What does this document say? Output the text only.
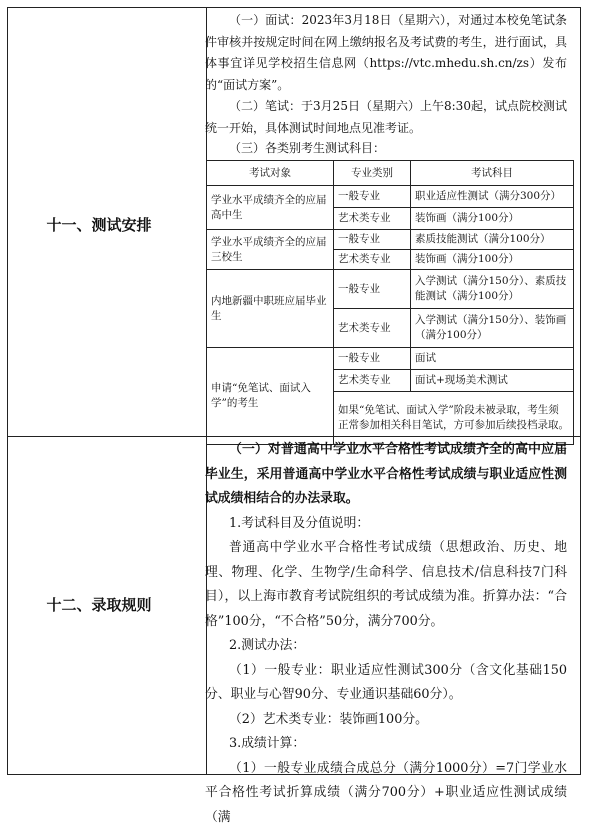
十一、测试安排

（一）面试：2023年3月18日（星期六），对通过本校免笔试条件审核并按规定时间在网上缴纳报名及考试费的考生，进行面试，具体事宜详见学校招生信息网（https://vtc.mhedu.sh.cn/zs）发布的“面试方案”。

（二）笔试：于3月25日（星期六）上午8:30起，试点院校测试统一开始，具体测试时间地点见准考证。

（三）各类别考生测试科目：

考试对象	专业类别	考试科目
学业水平成绩齐全的应届高中生	一般专业	职业适应性测试（满分300分）
	艺术类专业	装饰画（满分100分）
学业水平成绩齐全的应届三校生	一般专业	素质技能测试（满分100分）
	艺术类专业	装饰画（满分100分）
内地新疆中职班应届毕业生	一般专业	入学测试（满分150分）、素质技能测试（满分100分）
	艺术类专业	入学测试（满分150分）、装饰画（满分100分）
申请“免笔试、面试入学”的考生	一般专业	面试
	艺术类专业	面试+现场美术测试
	如果“免笔试、面试入学”阶段未被录取，考生须正常参加相关科目笔试，方可参加后续投档录取。	
十二、录取规则

（一）对普通高中学业水平合格性考试成绩齐全的高中应届毕业生，采用普通高中学业水平合格性考试成绩与职业适应性测试成绩相结合的办法录取。

1.考试科目及分值说明：

普通高中学业水平合格性考试成绩（思想政治、历史、地理、物理、化学、生物学/生命科学、信息技术/信息科技7门科目），以上海市教育考试院组织的考试成绩为准。折算办法：“合格”100分，“不合格”50分，满分700分。

2.测试办法：

（1）一般专业：职业适应性测试300分（含文化基础150分、职业与心智90分、专业通识基础60分）。

（2）艺术类专业：装饰画100分。

3.成绩计算：

（1）一般专业成绩合成总分（满分1000分）=7门学业水平合格性考试折算成绩（满分700分）+职业适应性测试成绩（满
